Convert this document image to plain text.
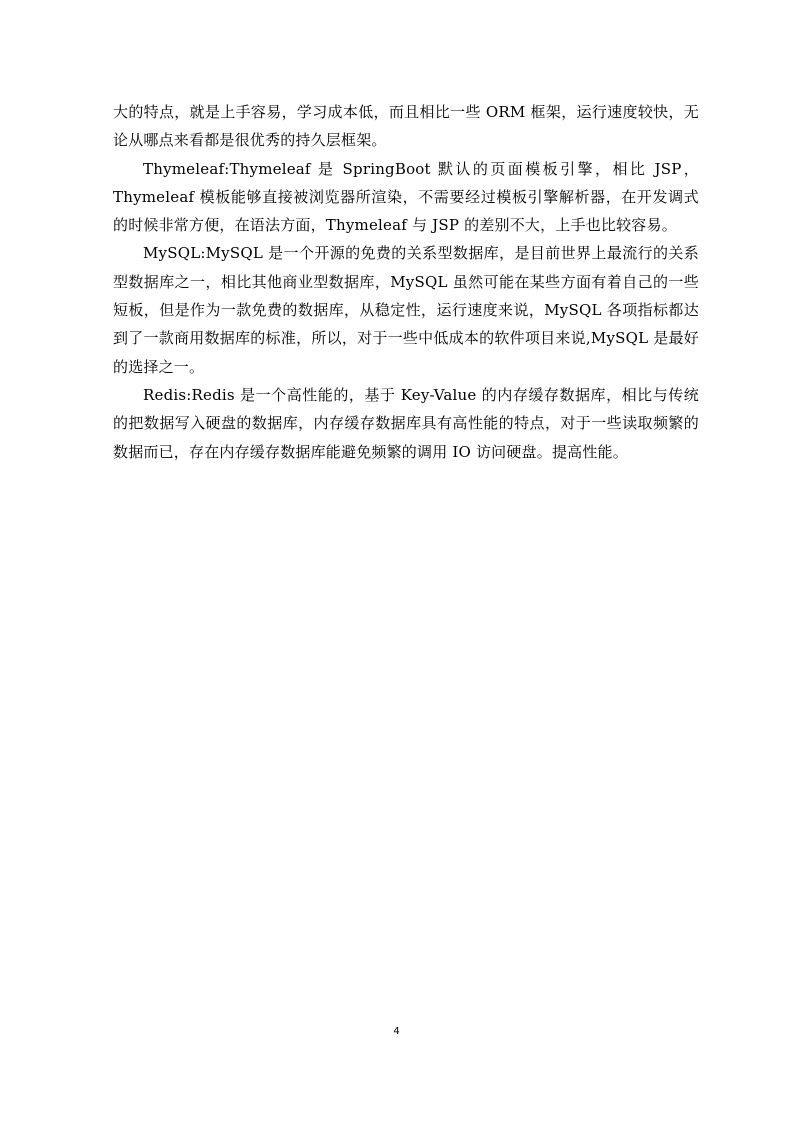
大的特点，就是上手容易，学习成本低，而且相比一些 ORM 框架，运行速度较快，无论从哪点来看都是很优秀的持久层框架。

Thymeleaf:Thymeleaf 是 SpringBoot 默认的页面模板引擎，相比 JSP，Thymeleaf 模板能够直接被浏览器所渲染，不需要经过模板引擎解析器，在开发调式的时候非常方便，在语法方面，Thymeleaf 与 JSP 的差别不大，上手也比较容易。

MySQL:MySQL 是一个开源的免费的关系型数据库，是目前世界上最流行的关系型数据库之一，相比其他商业型数据库，MySQL 虽然可能在某些方面有着自己的一些短板，但是作为一款免费的数据库，从稳定性，运行速度来说，MySQL 各项指标都达到了一款商用数据库的标准，所以，对于一些中低成本的软件项目来说,MySQL 是最好的选择之一。

Redis:Redis 是一个高性能的，基于 Key-Value 的内存缓存数据库，相比与传统的把数据写入硬盘的数据库，内存缓存数据库具有高性能的特点，对于一些读取频繁的数据而已，存在内存缓存数据库能避免频繁的调用 IO 访问硬盘。提高性能。

4
